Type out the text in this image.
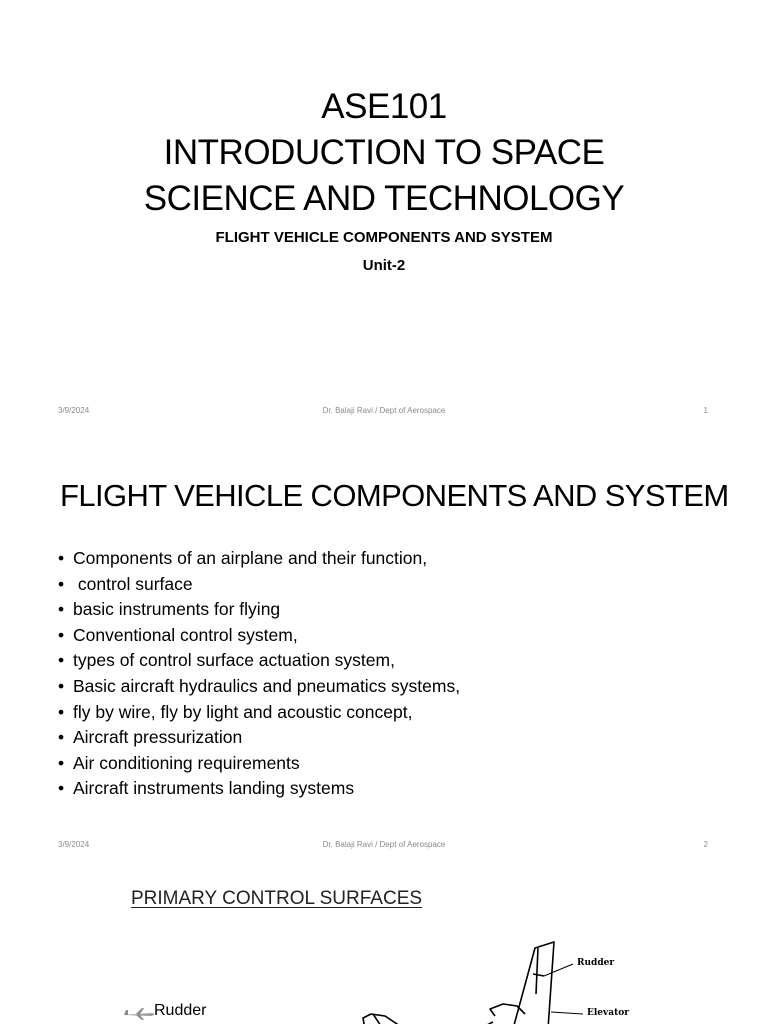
ASE101
INTRODUCTION TO SPACE
SCIENCE AND TECHNOLOGY
FLIGHT VEHICLE COMPONENTS AND SYSTEM
Unit-2
3/9/2024	Dr. Balaji Ravi / Dept of Aerospace	1
FLIGHT VEHICLE COMPONENTS AND SYSTEM
• Components of an airplane and their function,
• control surface
• basic instruments for flying
• Conventional control system,
• types of control surface actuation system,
• Basic aircraft hydraulics and pneumatics systems,
• fly by wire, fly by light and acoustic concept,
• Aircraft pressurization
• Air conditioning requirements
• Aircraft instruments landing systems
3/9/2024	Dr. Balaji Ravi / Dept of Aerospace	2
PRIMARY CONTROL SURFACES
Rudder
Rudder
Elevator
